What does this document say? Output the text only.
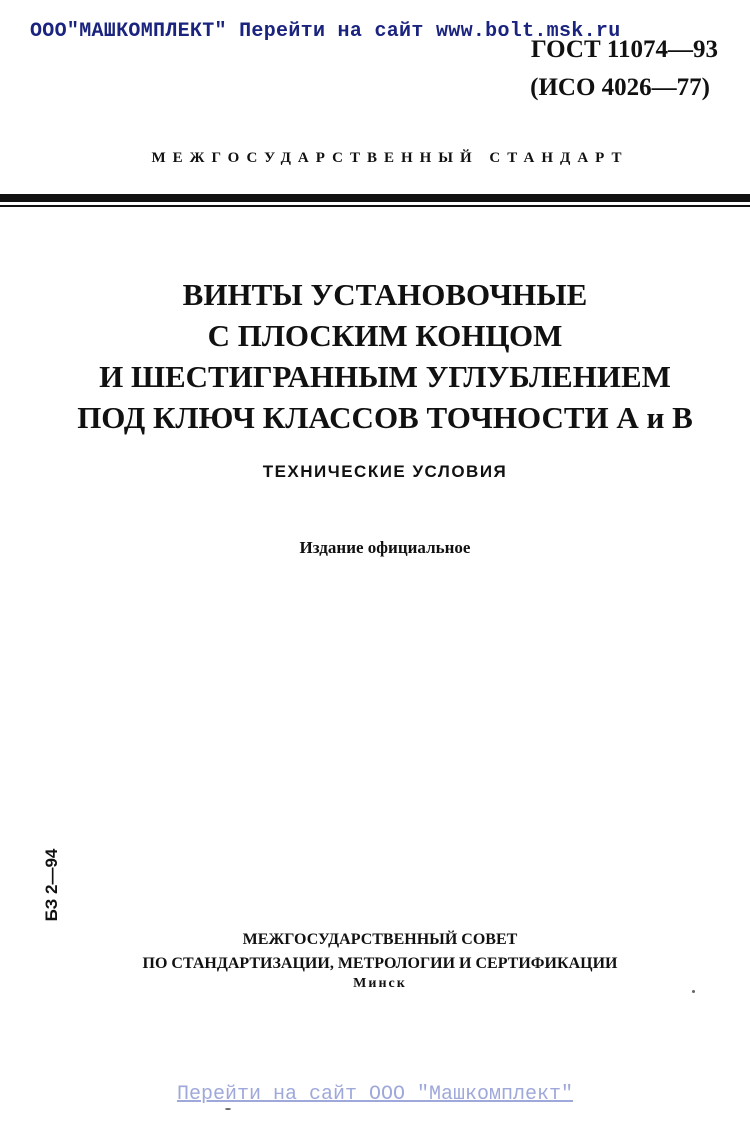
ООО"МАШКОМПЛЕКТ" Перейти на сайт www.bolt.msk.ru
ГОСТ 11074—93
(ИСО 4026—77)
МЕЖГОСУДАРСТВЕННЫЙ СТАНДАРТ
ВИНТЫ УСТАНОВОЧНЫЕ
С ПЛОСКИМ КОНЦОМ
И ШЕСТИГРАННЫМ УГЛУБЛЕНИЕМ
ПОД КЛЮЧ КЛАССОВ ТОЧНОСТИ А и В
ТЕХНИЧЕСКИЕ УСЛОВИЯ
Издание официальное
БЗ 2—94
МЕЖГОСУДАРСТВЕННЫЙ СОВЕТ
ПО СТАНДАРТИЗАЦИИ, МЕТРОЛОГИИ И СЕРТИФИКАЦИИ
Минск
Перейти на сайт ООО "Машкомплект"
